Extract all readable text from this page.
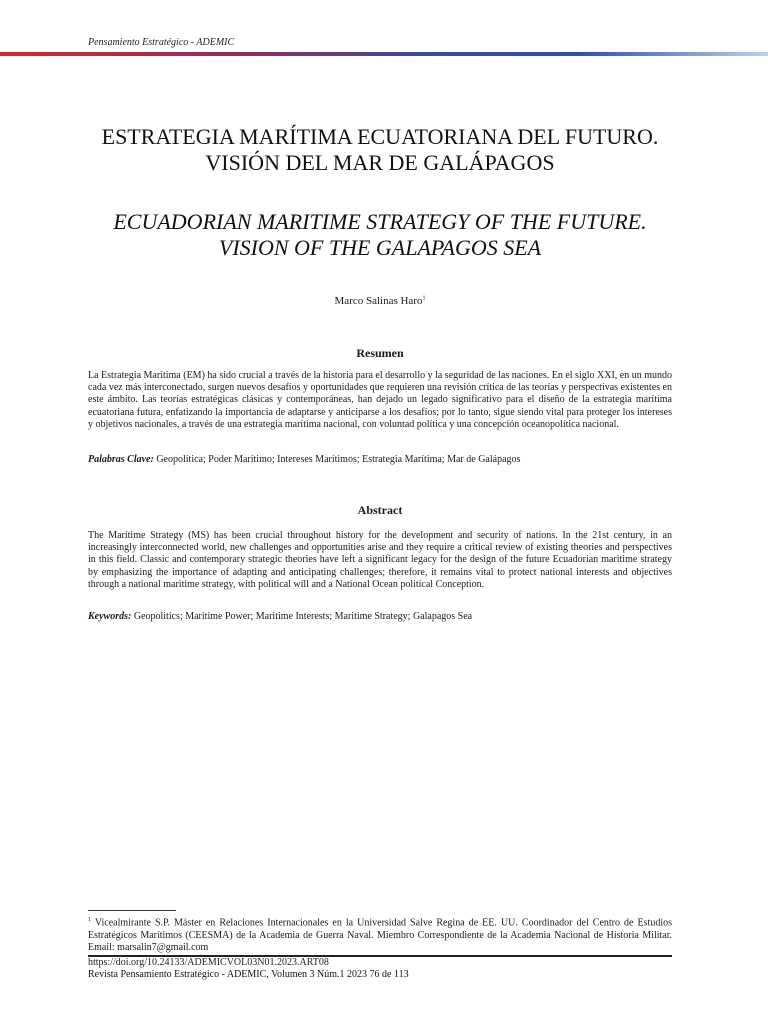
Pensamiento Estratégico - ADEMIC
ESTRATEGIA MARÍTIMA ECUATORIANA DEL FUTURO.
VISIÓN DEL MAR DE GALÁPAGOS
ECUADORIAN MARITIME STRATEGY OF THE FUTURE.
VISION OF THE GALAPAGOS SEA
Marco Salinas Haro$^1$
Resumen
La Estrategia Marítima (EM) ha sido crucial a través de la historia para el desarrollo y la seguridad de las naciones. En el siglo XXI, en un mundo cada vez más interconectado, surgen nuevos desafíos y oportunidades que requieren una revisión crítica de las teorías y perspectivas existentes en este ámbito. Las teorías estratégicas clásicas y contemporáneas, han dejado un legado significativo para el diseño de la estrategia marítima ecuatoriana futura, enfatizando la importancia de adaptarse y anticiparse a los desafíos; por lo tanto, sigue siendo vital para proteger los intereses y objetivos nacionales, a través de una estrategia marítima nacional, con voluntad política y una concepción oceanopolítica nacional.
Palabras Clave: Geopolítica; Poder Marítimo; Intereses Marítimos; Estrategia Marítima; Mar de Galápagos
Abstract
The Maritime Strategy (MS) has been crucial throughout history for the development and security of nations. In the 21st century, in an increasingly interconnected world, new challenges and opportunities arise and they require a critical review of existing theories and perspectives in this field. Classic and contemporary strategic theories have left a significant legacy for the design of the future Ecuadorian maritime strategy by emphasizing the importance of adapting and anticipating challenges; therefore, it remains vital to protect national interests and objectives through a national maritime strategy, with political will and a National Ocean political Conception.
Keywords: Geopolitics; Maritime Power; Maritime Interests; Maritime Strategy; Galapagos Sea
$^1$ Vicealmirante S.P. Máster en Relaciones Internacionales en la Universidad Salve Regina de EE. UU. Coordinador del Centro de Estudios Estratégicos Marítimos (CEESMA) de la Academia de Guerra Naval. Miembro Correspondiente de la Academia Nacional de Historia Militar. Email: marsalin7@gmail.com
https://doi.org/10.24133/ADEMICVOL03N01.2023.ART08
Revista Pensamiento Estratégico - ADEMIC, Volumen 3 Núm.1 2023 76 de 113
